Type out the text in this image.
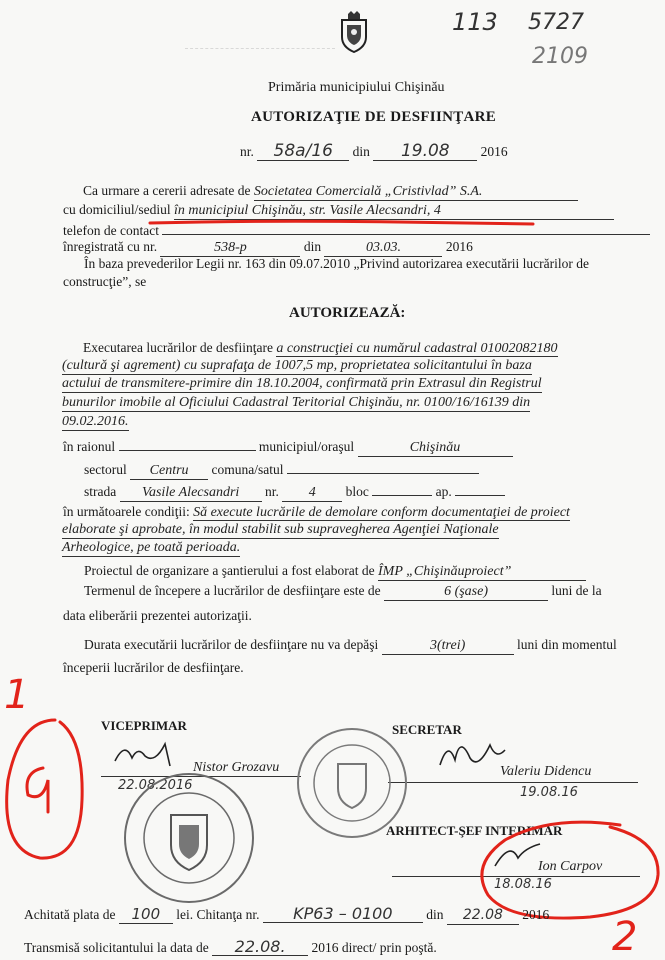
113 5727
2109
Primăria municipiului Chişinău
AUTORIZAŢIE DE DESFIINŢARE
nr. 58a/16 din 19.08 2016
Ca urmare a cererii adresate de Societatea Comercială „Cristivlad” S.A.
cu domiciliul/sediul în municipiul Chişinău, str. Vasile Alecsandri, 4
telefon de contact
înregistrată cu nr.	538-p	din	03.03.	2016
În baza prevederilor Legii nr. 163 din 09.07.2010 „Privind autorizarea executării lucrărilor de
construcţie”, se
AUTORIZEAZĂ:
Executarea lucrărilor de desfiinţare a construcţiei cu numărul cadastral 01002082180
(cultură şi agrement) cu suprafaţa de 1007,5 mp, proprietatea solicitantului în baza
actului de transmitere-primire din 18.10.2004, confirmată prin Extrasul din Registrul
bunurilor imobile al Oficiului Cadastral Teritorial Chişinău, nr. 0100/16/16139 din
09.02.2016.
în raionul	municipiul/oraşul	Chişinău
sectorul Centru comuna/satul
strada Vasile Alecsandri nr. 4 bloc	ap.
în următoarele condiţii: Să execute lucrările de demolare conform documentaţiei de proiect
elaborate şi aprobate, în modul stabilit sub supravegherea Agenţiei Naţionale
Arheologice, pe toată perioada.
Proiectul de organizare a şantierului a fost elaborat de ÎMP „Chişinăuproiect”
Termenul de începere a lucrărilor de desfiinţare este de	6 (şase)	luni de la
data eliberării prezentei autorizaţii.
Durata executării lucrărilor de desfiinţare nu va depăşi	3(trei)	luni din momentul
începerii lucrărilor de desfiinţare.
VICEPRIMAR
Nistor Grozavu
22.08.2016
SECRETAR
Valeriu Didencu
19.08.16
ARHITECT-ŞEF INTERIMAR
Ion Carpov
18.08.16
1
2
Achitată plata de 100 lei. Chitanţa nr. KP63 – 0100 din 22.08 2016
Transmisă solicitantului la data de 22.08. 2016 direct/ prin poştă.
